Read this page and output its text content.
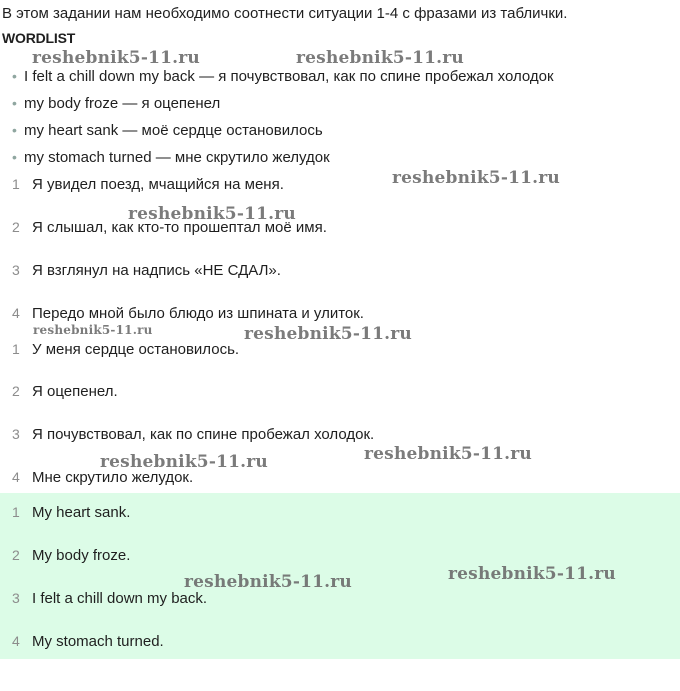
В этом задании нам необходимо соотнести ситуации 1-4 с фразами из таблички.

WORDLIST

• I felt a chill down my back — я почувствовал, как по спине пробежал холодок

• my body froze — я оцепенел

• my heart sank — моё сердце остановилось

• my stomach turned — мне скрутило желудок

1 Я увидел поезд, мчащийся на меня.

2 Я слышал, как кто-то прошептал моё имя.

3 Я взглянул на надпись «НЕ СДАЛ».

4 Передо мной было блюдо из шпината и улиток.

1 У меня сердце остановилось.

2 Я оцепенел.

3 Я почувствовал, как по спине пробежал холодок.

4 Мне скрутило желудок.

1 My heart sank.

2 My body froze.

3 I felt a chill down my back.

4 My stomach turned.

reshebnik5-11.ru	reshebnik5-11.ru
reshebnik5-11.ru
reshebnik5-11.ru
reshebnik5-11.ru	reshebnik5-11.ru
reshebnik5-11.ru
reshebnik5-11.ru
reshebnik5-11.ru
reshebnik5-11.ru
